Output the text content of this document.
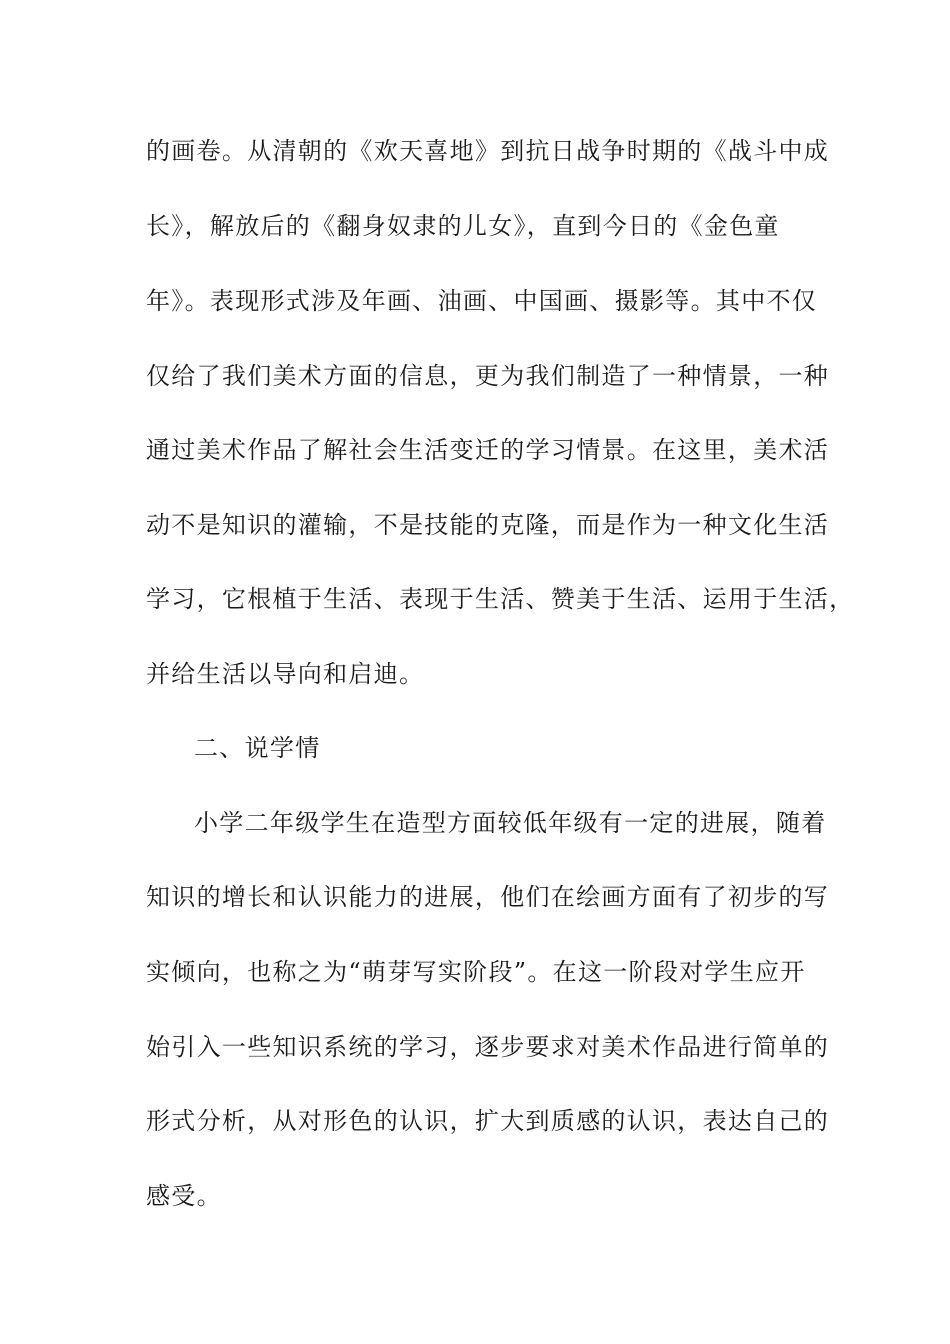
的画卷。从清朝的《欢天喜地》到抗日战争时期的《战斗中成
长》，解放后的《翻身奴隶的儿女》，直到今日的《金色童
年》。表现形式涉及年画、油画、中国画、摄影等。其中不仅
仅给了我们美术方面的信息，更为我们制造了一种情景，一种
通过美术作品了解社会生活变迁的学习情景。在这里，美术活
动不是知识的灌输，不是技能的克隆，而是作为一种文化生活
学习，它根植于生活、表现于生活、赞美于生活、运用于生活，
并给生活以导向和启迪。
二、说学情
小学二年级学生在造型方面较低年级有一定的进展，随着
知识的增长和认识能力的进展，他们在绘画方面有了初步的写
实倾向，也称之为“萌芽写实阶段”。在这一阶段对学生应开
始引入一些知识系统的学习，逐步要求对美术作品进行简单的
形式分析，从对形色的认识，扩大到质感的认识，表达自己的
感受。
